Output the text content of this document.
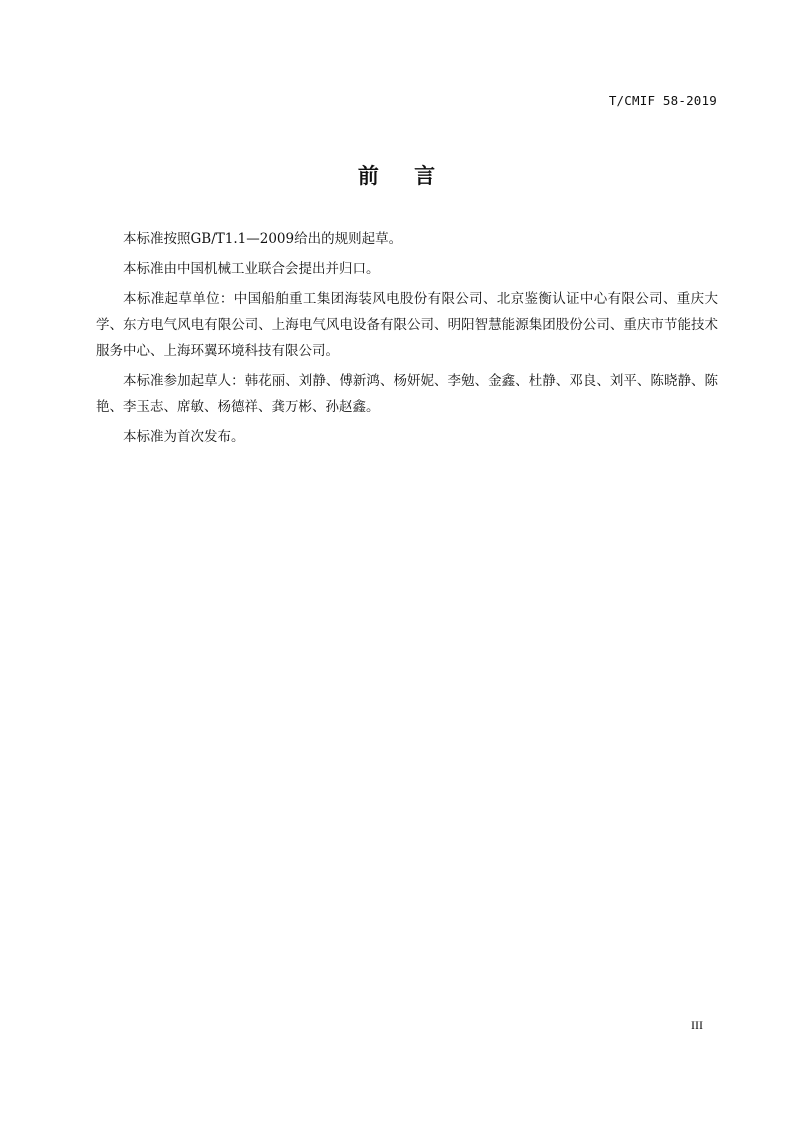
T/CMIF 58-2019
前 言

本标准按照GB/T1.1—2009给出的规则起草。

本标准由中国机械工业联合会提出并归口。

本标准起草单位：中国船舶重工集团海装风电股份有限公司、北京鉴衡认证中心有限公司、重庆大学、东方电气风电有限公司、上海电气风电设备有限公司、明阳智慧能源集团股份公司、重庆市节能技术服务中心、上海环翼环境科技有限公司。

本标准参加起草人：韩花丽、刘静、傅新鸿、杨妍妮、李勉、金鑫、杜静、邓良、刘平、陈晓静、陈艳、李玉志、席敏、杨德祥、龚万彬、孙赵鑫。

本标准为首次发布。

III
